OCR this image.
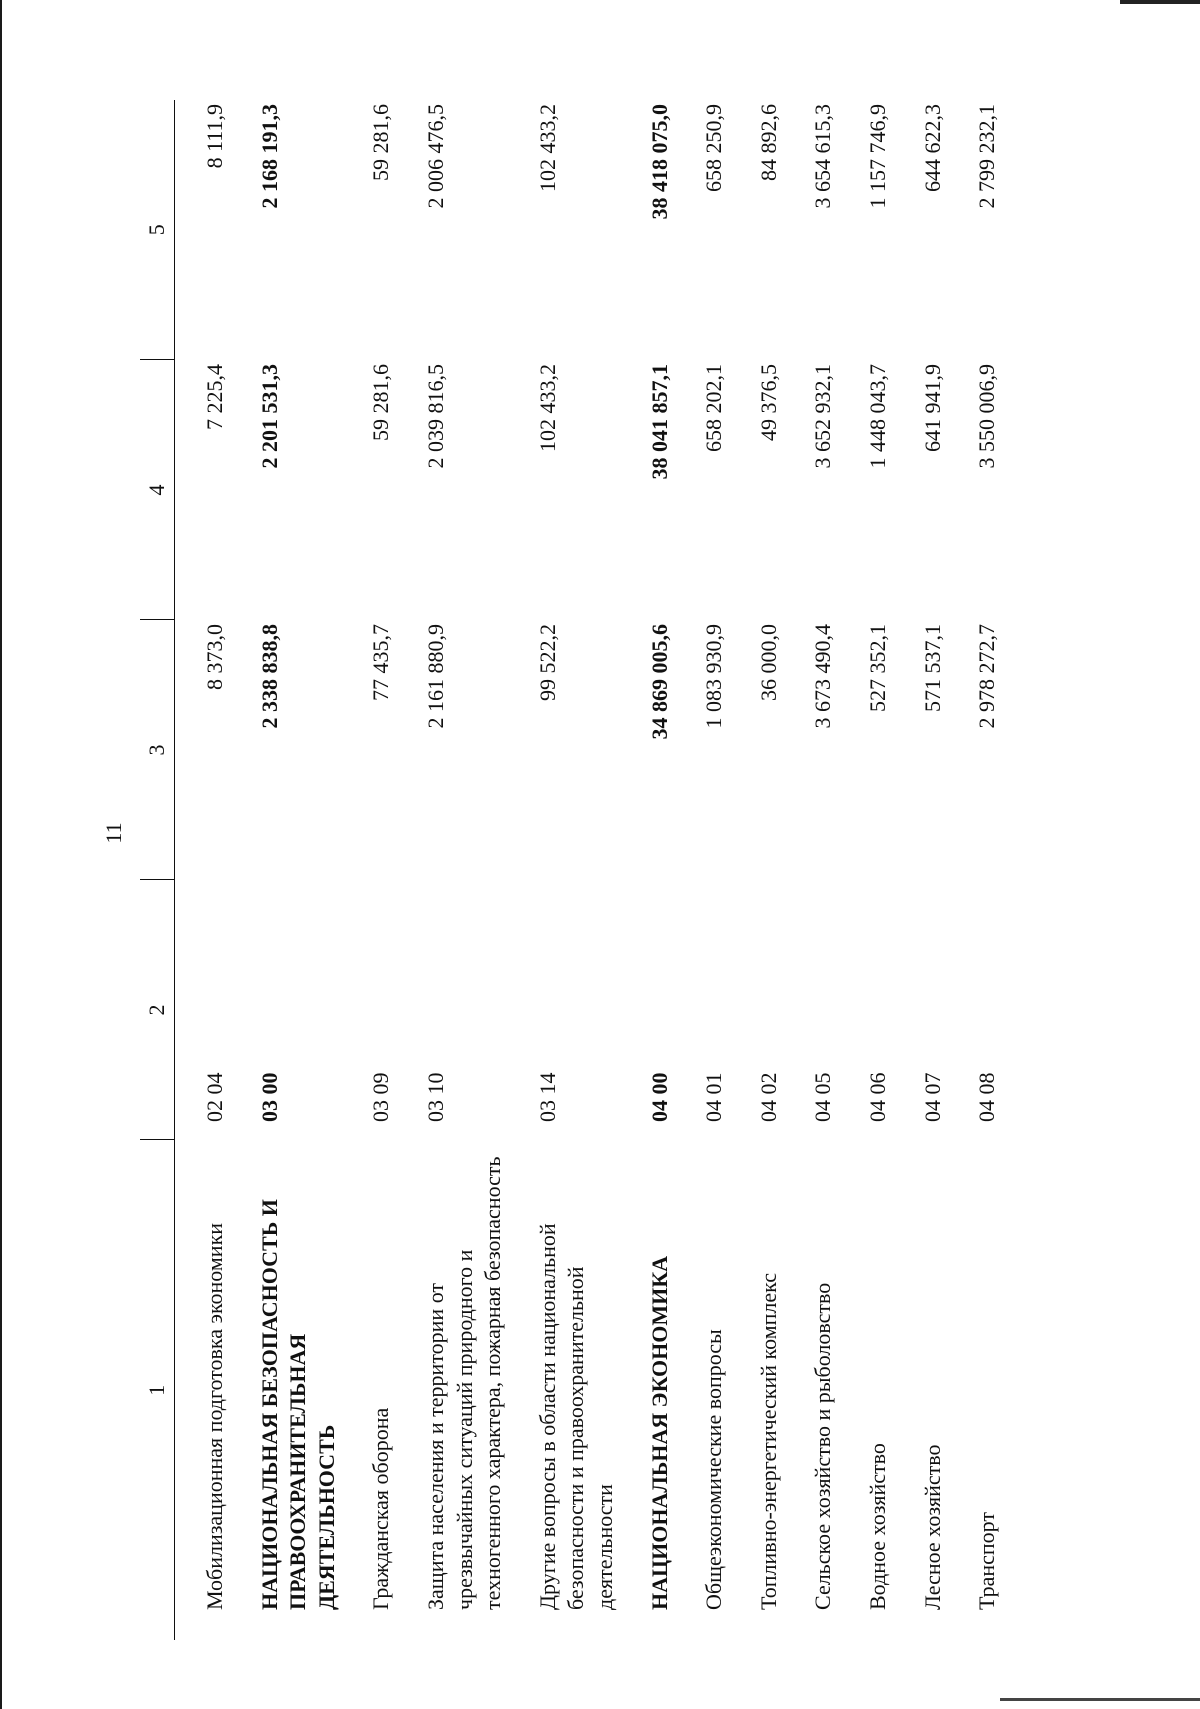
11
1	2	3	4	5
Мобилизационная подготовка экономики	02 04	8 373,0	7 225,4	8 111,9
НАЦИОНАЛЬНАЯ БЕЗОПАСНОСТЬ И ПРАВООХРАНИТЕЛЬНАЯ ДЕЯТЕЛЬНОСТЬ	03 00	2 338 838,8	2 201 531,3	2 168 191,3
Гражданская оборона	03 09	77 435,7	59 281,6	59 281,6
Защита населения и территории от чрезвычайных ситуаций природного и техногенного характера, пожарная безопасность	03 10	2 161 880,9	2 039 816,5	2 006 476,5
Другие вопросы в области национальной безопасности и правоохранительной деятельности	03 14	99 522,2	102 433,2	102 433,2
НАЦИОНАЛЬНАЯ ЭКОНОМИКА	04 00	34 869 005,6	38 041 857,1	38 418 075,0
Общеэкономические вопросы	04 01	1 083 930,9	658 202,1	658 250,9
Топливно-энергетический комплекс	04 02	36 000,0	49 376,5	84 892,6
Сельское хозяйство и рыболовство	04 05	3 673 490,4	3 652 932,1	3 654 615,3
Водное хозяйство	04 06	527 352,1	1 448 043,7	1 157 746,9
Лесное хозяйство	04 07	571 537,1	641 941,9	644 622,3
Транспорт	04 08	2 978 272,7	3 550 006,9	2 799 232,1
